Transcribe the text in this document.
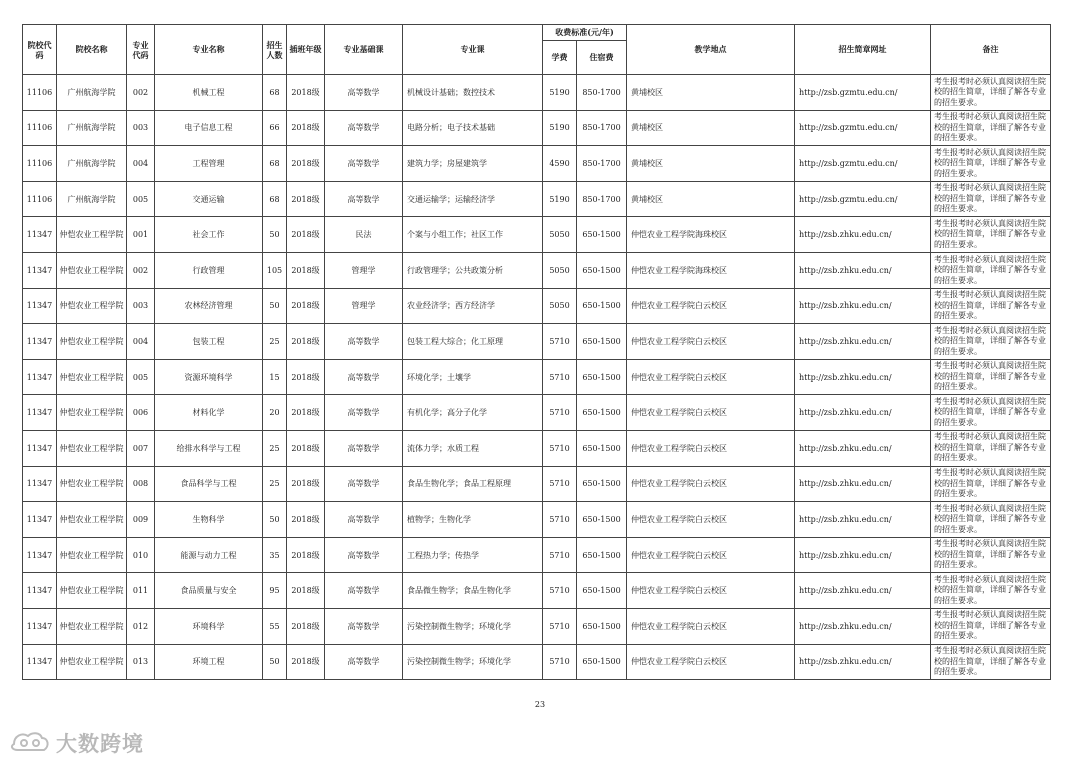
院校代码	院校名称	专业代码	专业名称	招生人数	插班年级	专业基础课	专业课	收费标准(元/年)		教学地点	招生简章网址	备注
								学费	住宿费			
11106	广州航海学院	002	机械工程	68	2018级	高等数学	机械设计基础；数控技术	5190	850-1700	黄埔校区	http://zsb.gzmtu.edu.cn/	考生报考时必须认真阅读招生院校的招生简章，详细了解各专业的招生要求。
11106	广州航海学院	003	电子信息工程	66	2018级	高等数学	电路分析；电子技术基础	5190	850-1700	黄埔校区	http://zsb.gzmtu.edu.cn/	考生报考时必须认真阅读招生院校的招生简章，详细了解各专业的招生要求。
11106	广州航海学院	004	工程管理	68	2018级	高等数学	建筑力学；房屋建筑学	4590	850-1700	黄埔校区	http://zsb.gzmtu.edu.cn/	考生报考时必须认真阅读招生院校的招生简章，详细了解各专业的招生要求。
11106	广州航海学院	005	交通运输	68	2018级	高等数学	交通运输学；运输经济学	5190	850-1700	黄埔校区	http://zsb.gzmtu.edu.cn/	考生报考时必须认真阅读招生院校的招生简章，详细了解各专业的招生要求。
11347	仲恺农业工程学院	001	社会工作	50	2018级	民法	个案与小组工作；社区工作	5050	650-1500	仲恺农业工程学院海珠校区	http://zsb.zhku.edu.cn/	考生报考时必须认真阅读招生院校的招生简章，详细了解各专业的招生要求。
11347	仲恺农业工程学院	002	行政管理	105	2018级	管理学	行政管理学；公共政策分析	5050	650-1500	仲恺农业工程学院海珠校区	http://zsb.zhku.edu.cn/	考生报考时必须认真阅读招生院校的招生简章，详细了解各专业的招生要求。
11347	仲恺农业工程学院	003	农林经济管理	50	2018级	管理学	农业经济学；西方经济学	5050	650-1500	仲恺农业工程学院白云校区	http://zsb.zhku.edu.cn/	考生报考时必须认真阅读招生院校的招生简章，详细了解各专业的招生要求。
11347	仲恺农业工程学院	004	包装工程	25	2018级	高等数学	包装工程大综合；化工原理	5710	650-1500	仲恺农业工程学院白云校区	http://zsb.zhku.edu.cn/	考生报考时必须认真阅读招生院校的招生简章，详细了解各专业的招生要求。
11347	仲恺农业工程学院	005	资源环境科学	15	2018级	高等数学	环境化学；土壤学	5710	650-1500	仲恺农业工程学院白云校区	http://zsb.zhku.edu.cn/	考生报考时必须认真阅读招生院校的招生简章，详细了解各专业的招生要求。
11347	仲恺农业工程学院	006	材料化学	20	2018级	高等数学	有机化学；高分子化学	5710	650-1500	仲恺农业工程学院白云校区	http://zsb.zhku.edu.cn/	考生报考时必须认真阅读招生院校的招生简章，详细了解各专业的招生要求。
11347	仲恺农业工程学院	007	给排水科学与工程	25	2018级	高等数学	流体力学；水质工程	5710	650-1500	仲恺农业工程学院白云校区	http://zsb.zhku.edu.cn/	考生报考时必须认真阅读招生院校的招生简章，详细了解各专业的招生要求。
11347	仲恺农业工程学院	008	食品科学与工程	25	2018级	高等数学	食品生物化学；食品工程原理	5710	650-1500	仲恺农业工程学院白云校区	http://zsb.zhku.edu.cn/	考生报考时必须认真阅读招生院校的招生简章，详细了解各专业的招生要求。
11347	仲恺农业工程学院	009	生物科学	50	2018级	高等数学	植物学；生物化学	5710	650-1500	仲恺农业工程学院白云校区	http://zsb.zhku.edu.cn/	考生报考时必须认真阅读招生院校的招生简章，详细了解各专业的招生要求。
11347	仲恺农业工程学院	010	能源与动力工程	35	2018级	高等数学	工程热力学；传热学	5710	650-1500	仲恺农业工程学院白云校区	http://zsb.zhku.edu.cn/	考生报考时必须认真阅读招生院校的招生简章，详细了解各专业的招生要求。
11347	仲恺农业工程学院	011	食品质量与安全	95	2018级	高等数学	食品微生物学；食品生物化学	5710	650-1500	仲恺农业工程学院白云校区	http://zsb.zhku.edu.cn/	考生报考时必须认真阅读招生院校的招生简章，详细了解各专业的招生要求。
11347	仲恺农业工程学院	012	环境科学	55	2018级	高等数学	污染控制微生物学；环境化学	5710	650-1500	仲恺农业工程学院白云校区	http://zsb.zhku.edu.cn/	考生报考时必须认真阅读招生院校的招生简章，详细了解各专业的招生要求。
11347	仲恺农业工程学院	013	环境工程	50	2018级	高等数学	污染控制微生物学；环境化学	5710	650-1500	仲恺农业工程学院白云校区	http://zsb.zhku.edu.cn/	考生报考时必须认真阅读招生院校的招生简章，详细了解各专业的招生要求。
23
大数跨境
